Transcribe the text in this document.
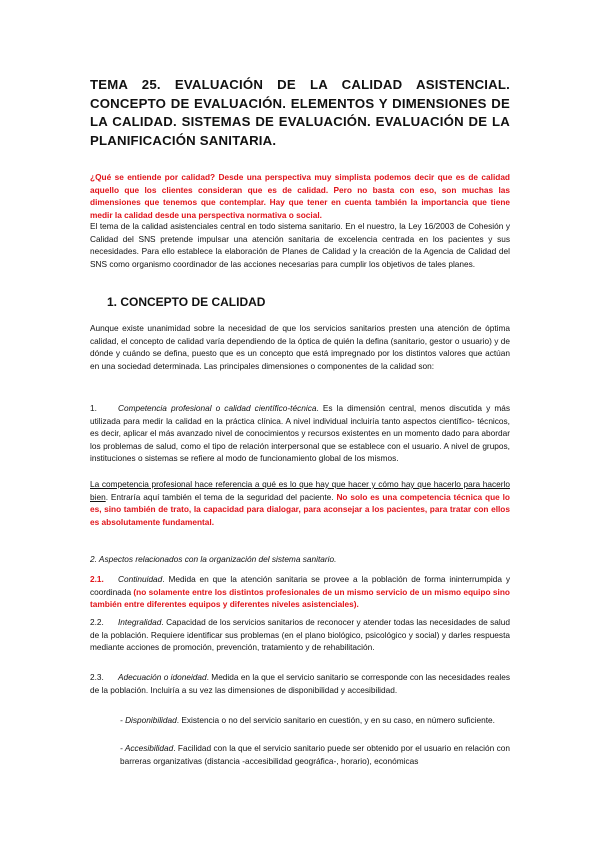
TEMA 25. EVALUACIÓN DE LA CALIDAD ASISTENCIAL. CONCEPTO DE EVALUACIÓN. ELEMENTOS Y DIMENSIONES DE LA CALIDAD. SISTEMAS DE EVALUACIÓN. EVALUACIÓN DE LA PLANIFICACIÓN SANITARIA.
¿Qué se entiende por calidad? Desde una perspectiva muy simplista podemos decir que es de calidad aquello que los clientes consideran que es de calidad. Pero no basta con eso, son muchas las dimensiones que tenemos que contemplar. Hay que tener en cuenta también la importancia que tiene medir la calidad desde una perspectiva normativa o social.
El tema de la calidad asistenciales central en todo sistema sanitario. En el nuestro, la Ley 16/2003 de Cohesión y Calidad del SNS pretende impulsar una atención sanitaria de excelencia centrada en los pacientes y sus necesidades. Para ello establece la elaboración de Planes de Calidad y la creación de la Agencia de Calidad del SNS como organismo coordinador de las acciones necesarias para cumplir los objetivos de tales planes.
1. CONCEPTO DE CALIDAD
Aunque existe unanimidad sobre la necesidad de que los servicios sanitarios presten una atención de óptima calidad, el concepto de calidad varía dependiendo de la óptica de quién la defina (sanitario, gestor o usuario) y de dónde y cuándo se defina, puesto que es un concepto que está impregnado por los distintos valores que actúan en una sociedad determinada. Las principales dimensiones o componentes de la calidad son:
1.	Competencia profesional o calidad científico-técnica. Es la dimensión central, menos discutida y más utilizada para medir la calidad en la práctica clínica. A nivel individual incluiría tanto aspectos científico- técnicos, es decir, aplicar el más avanzado nivel de conocimientos y recursos existentes en un momento dado para abordar los problemas de salud, como el tipo de relación interpersonal que se establece con el usuario. A nivel de grupos, instituciones o sistemas se refiere al modo de funcionamiento global de los mismos.
La competencia profesional hace referencia a qué es lo que hay que hacer y cómo hay que hacerlo para hacerlo bien. Entraría aquí también el tema de la seguridad del paciente. No solo es una competencia técnica que lo es, sino también de trato, la capacidad para dialogar, para aconsejar a los pacientes, para tratar con ellos es absolutamente fundamental.
2. Aspectos relacionados con la organización del sistema sanitario.
2.1. Continuidad. Medida en que la atención sanitaria se provee a la población de forma ininterrumpida y coordinada (no solamente entre los distintos profesionales de un mismo servicio de un mismo equipo sino también entre diferentes equipos y diferentes niveles asistenciales).
2.2. Integralidad. Capacidad de los servicios sanitarios de reconocer y atender todas las necesidades de salud de la población. Requiere identificar sus problemas (en el plano biológico, psicológico y social) y darles respuesta mediante acciones de promoción, prevención, tratamiento y de rehabilitación.
2.3. Adecuación o idoneidad. Medida en la que el servicio sanitario se corresponde con las necesidades reales de la población. Incluiría a su vez las dimensiones de disponibilidad y accesibilidad.
- Disponibilidad. Existencia o no del servicio sanitario en cuestión, y en su caso, en número suficiente.
- Accesibilidad. Facilidad con la que el servicio sanitario puede ser obtenido por el usuario en relación con barreras organizativas (distancia -accesibilidad geográfica-, horario), económicas
